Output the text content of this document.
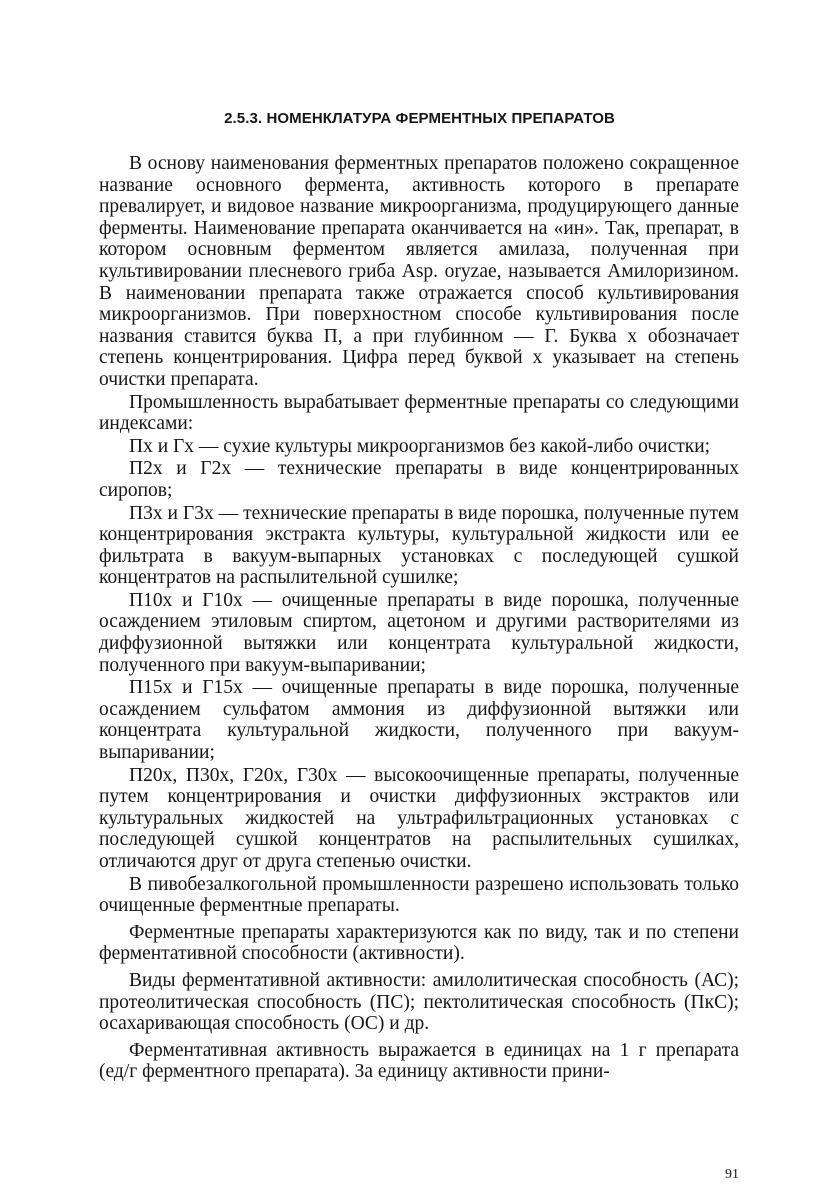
2.5.3. НОМЕНКЛАТУРА ФЕРМЕНТНЫХ ПРЕПАРАТОВ

В основу наименования ферментных препаратов положено сокращенное название основного фермента, активность которого в препарате превалирует, и видовое название микроорганизма, продуцирующего данные ферменты. Наименование препарата оканчивается на «ин». Так, препарат, в котором основным ферментом является амилаза, полученная при культивировании плесневого гриба Asp. oryzae, называется Амилоризином. В наименовании препарата также отражается способ культивирования микроорганизмов. При поверхностном способе культивирования после названия ставится буква П, а при глубинном — Г. Буква х обозначает степень концентрирования. Цифра перед буквой х указывает на степень очистки препарата.

Промышленность вырабатывает ферментные препараты со следующими индексами:

Пх и Гх — сухие культуры микроорганизмов без какой-либо очистки;

П2х и Г2х — технические препараты в виде концентрированных сиропов;

П3х и Г3х — технические препараты в виде порошка, полученные путем концентрирования экстракта культуры, культуральной жидкости или ее фильтрата в вакуум-выпарных установках с последующей сушкой концентратов на распылительной сушилке;

П10х и Г10х — очищенные препараты в виде порошка, полученные осаждением этиловым спиртом, ацетоном и другими растворителями из диффузионной вытяжки или концентрата культуральной жидкости, полученного при вакуум-выпаривании;

П15х и Г15х — очищенные препараты в виде порошка, полученные осаждением сульфатом аммония из диффузионной вытяжки или концентрата культуральной жидкости, полученного при вакуум-выпаривании;

П20х, П30х, Г20х, Г30х — высокоочищенные препараты, полученные путем концентрирования и очистки диффузионных экстрактов или культуральных жидкостей на ультрафильтрационных установках с последующей сушкой концентратов на распылительных сушилках, отличаются друг от друга степенью очистки.

В пивобезалкогольной промышленности разрешено использовать только очищенные ферментные препараты.

Ферментные препараты характеризуются как по виду, так и по степени ферментативной способности (активности).

Виды ферментативной активности: амилолитическая способность (АС); протеолитическая способность (ПС); пектолитическая способность (ПкС); осахаривающая способность (ОС) и др.

Ферментативная активность выражается в единицах на 1 г препарата (ед/г ферментного препарата). За единицу активности прини-

91
